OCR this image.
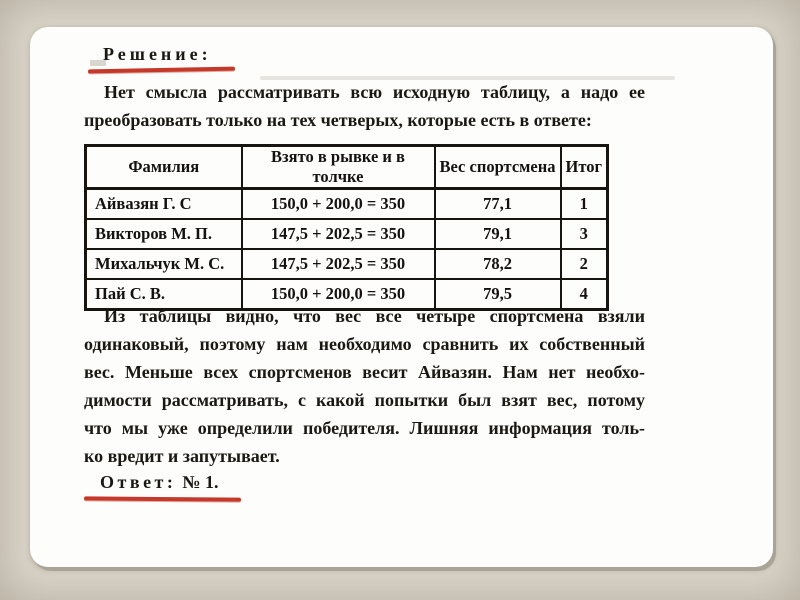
Решение:

Нет смысла рассматривать всю исходную таблицу, а надо ее

преобразовать только на тех четверых, которые есть в ответе:

Фамилия	Взято в рывке и в толчке	Вес спортсмена	Итог
Айвазян Г. С	150,0 + 200,0 = 350	77,1	1
Викторов М. П.	147,5 + 202,5 = 350	79,1	3
Михальчук М. С.	147,5 + 202,5 = 350	78,2	2
Пай С. В.	150,0 + 200,0 = 350	79,5	4

Из таблицы видно, что вес все четыре спортсмена взяли

одинаковый, поэтому нам необходимо сравнить их собственный

вес. Меньше всех спортсменов весит Айвазян. Нам нет необхо-

димости рассматривать, с какой попытки был взят вес, потому

что мы уже определили победителя. Лишняя информация толь-

ко вредит и запутывает.

Ответ: № 1.
